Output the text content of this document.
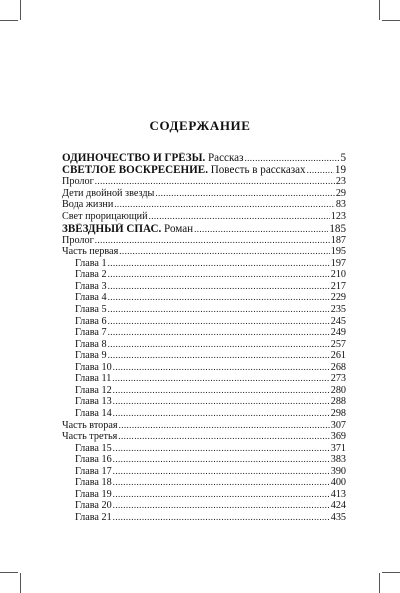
СОДЕРЖАНИЕ
ОДИНОЧЕСТВО И ГРЁЗЫ. Рассказ .....	5
СВЕТЛОЕ ВОСКРЕСЕНИЕ. Повесть в рассказах .....	19
Пролог .....	23
Дети двойной звезды .....	29
Вода жизни .....	83
Свет прорицающий .....	123
ЗВЁЗДНЫЙ СПАС. Роман .....	185
Пролог .....	187
Часть первая .....	195
Глава 1 .....	197
Глава 2 .....	210
Глава 3 .....	217
Глава 4 .....	229
Глава 5 .....	235
Глава 6 .....	245
Глава 7 .....	249
Глава 8 .....	257
Глава 9 .....	261
Глава 10 .....	268
Глава 11 .....	273
Глава 12 .....	280
Глава 13 .....	288
Глава 14 .....	298
Часть вторая .....	307
Часть третья .....	369
Глава 15 .....	371
Глава 16 .....	383
Глава 17 .....	390
Глава 18 .....	400
Глава 19 .....	413
Глава 20 .....	424
Глава 21 .....	435
